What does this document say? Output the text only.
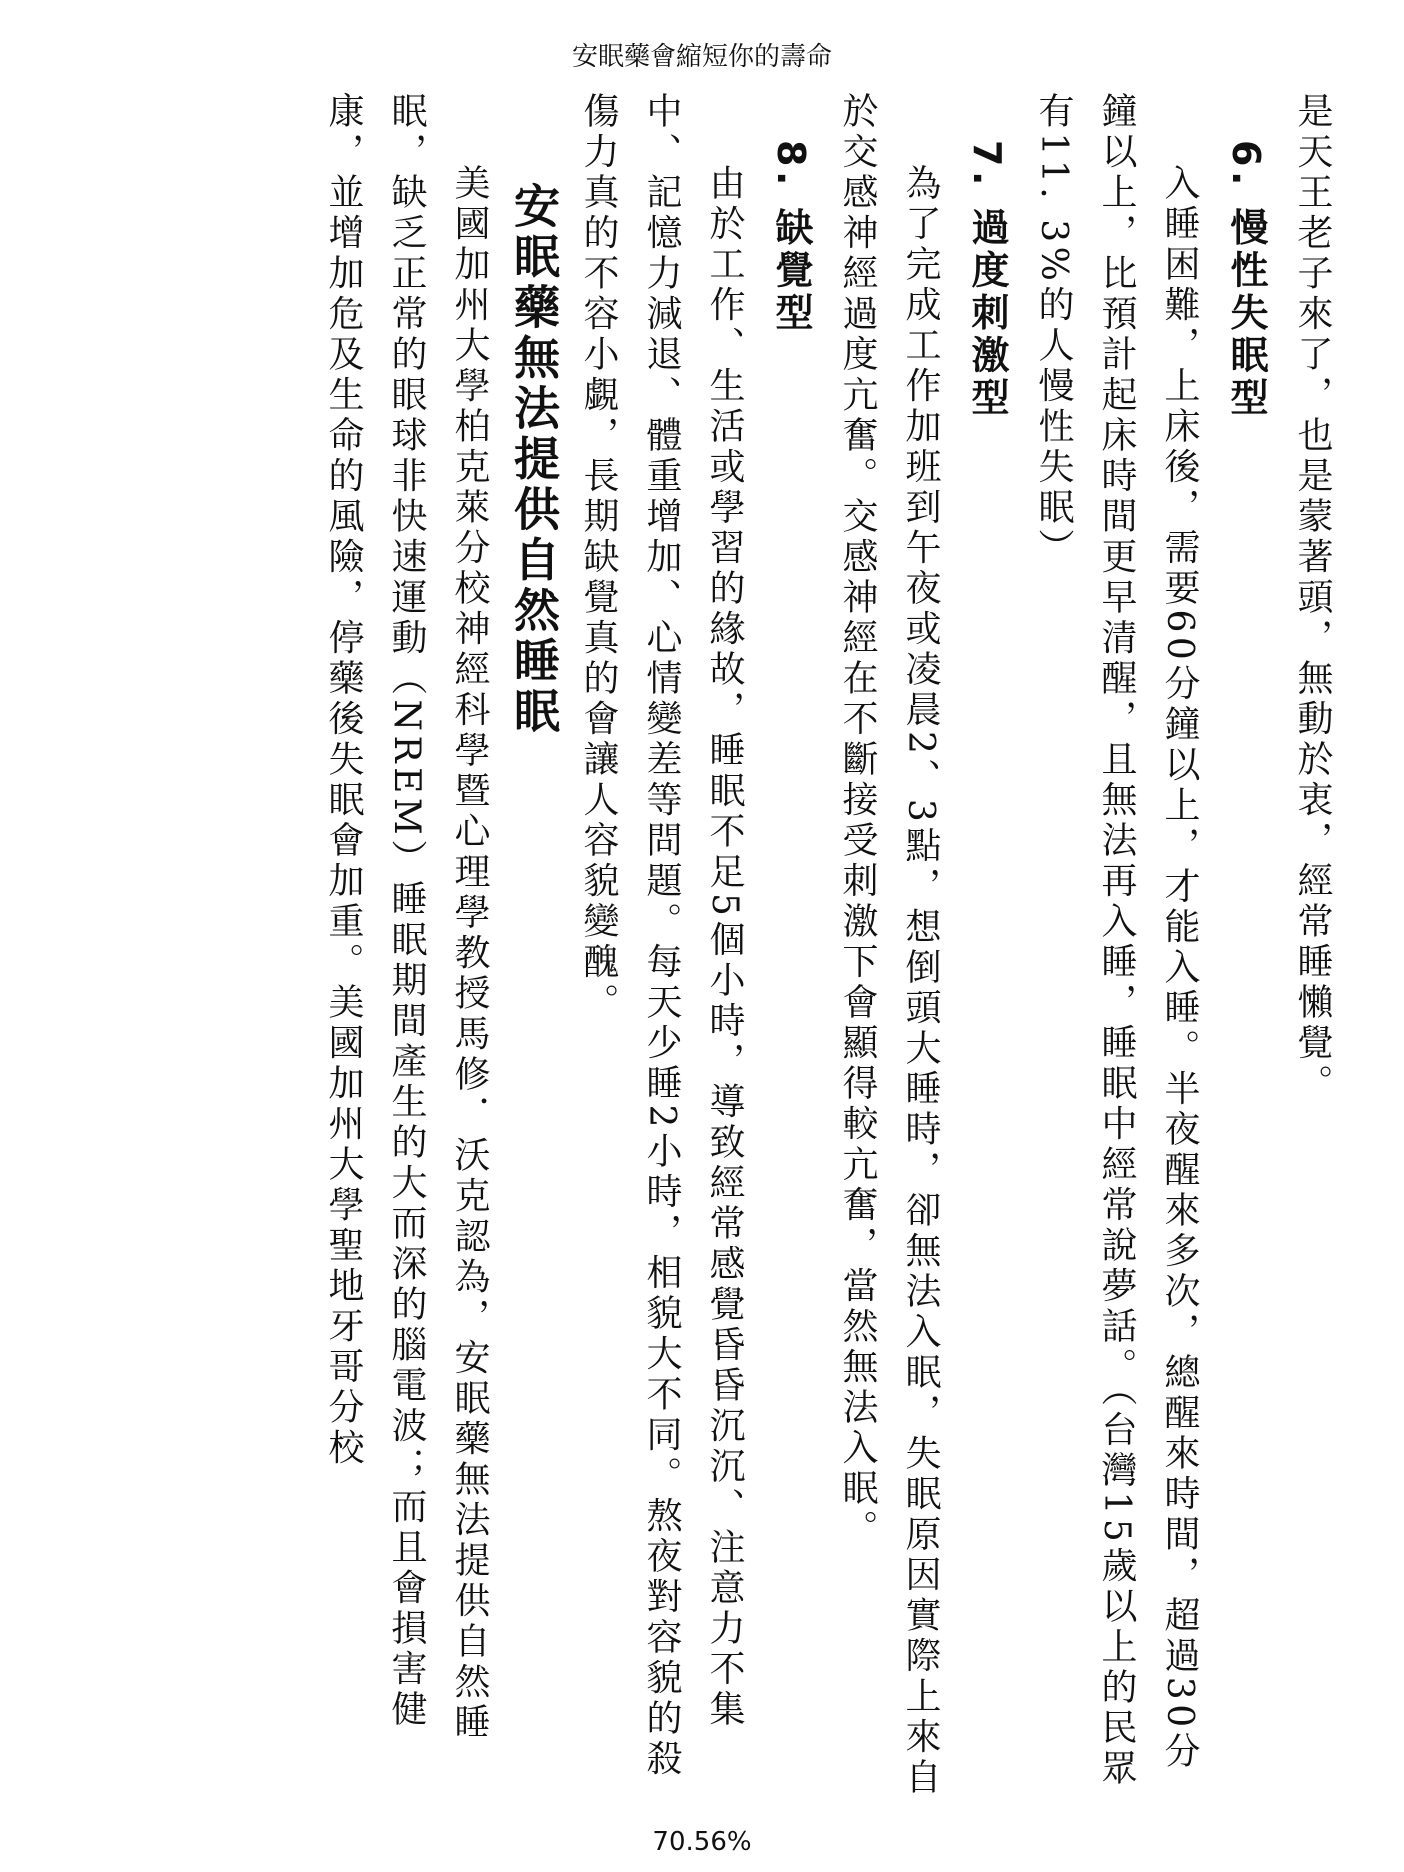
安眠藥會縮短你的壽命

是天王老子來了，也是蒙著頭，無動於衷，經常睡懶覺。

6. 慢性失眠型

入睡困難，上床後，需要60分鐘以上，才能入睡。半夜醒來多次，總醒來時間，超過30分鐘以上，比預計起床時間更早清醒，且無法再入睡，睡眠中經常說夢話。（台灣15歲以上的民眾有11. 3%的人慢性失眠）

7. 過度刺激型

為了完成工作加班到午夜或凌晨2、3點，想倒頭大睡時，卻無法入眠，失眠原因實際上來自於交感神經過度亢奮。交感神經在不斷接受刺激下會顯得較亢奮，當然無法入眠。

8. 缺覺型

由於工作、生活或學習的緣故，睡眠不足5個小時，導致經常感覺昏昏沉沉、注意力不集中、記憶力減退、體重增加、心情變差等問題。每天少睡2小時，相貌大不同。熬夜對容貌的殺傷力真的不容小覷，長期缺覺真的會讓人容貌變醜。

安眠藥無法提供自然睡眠

美國加州大學柏克萊分校神經科學暨心理學教授馬修．沃克認為，安眠藥無法提供自然睡眠，缺乏正常的眼球非快速運動（NREM）睡眠期間產生的大而深的腦電波；而且會損害健康，並增加危及生命的風險，停藥後失眠會加重。美國加州大學聖地牙哥分校

70.56%
